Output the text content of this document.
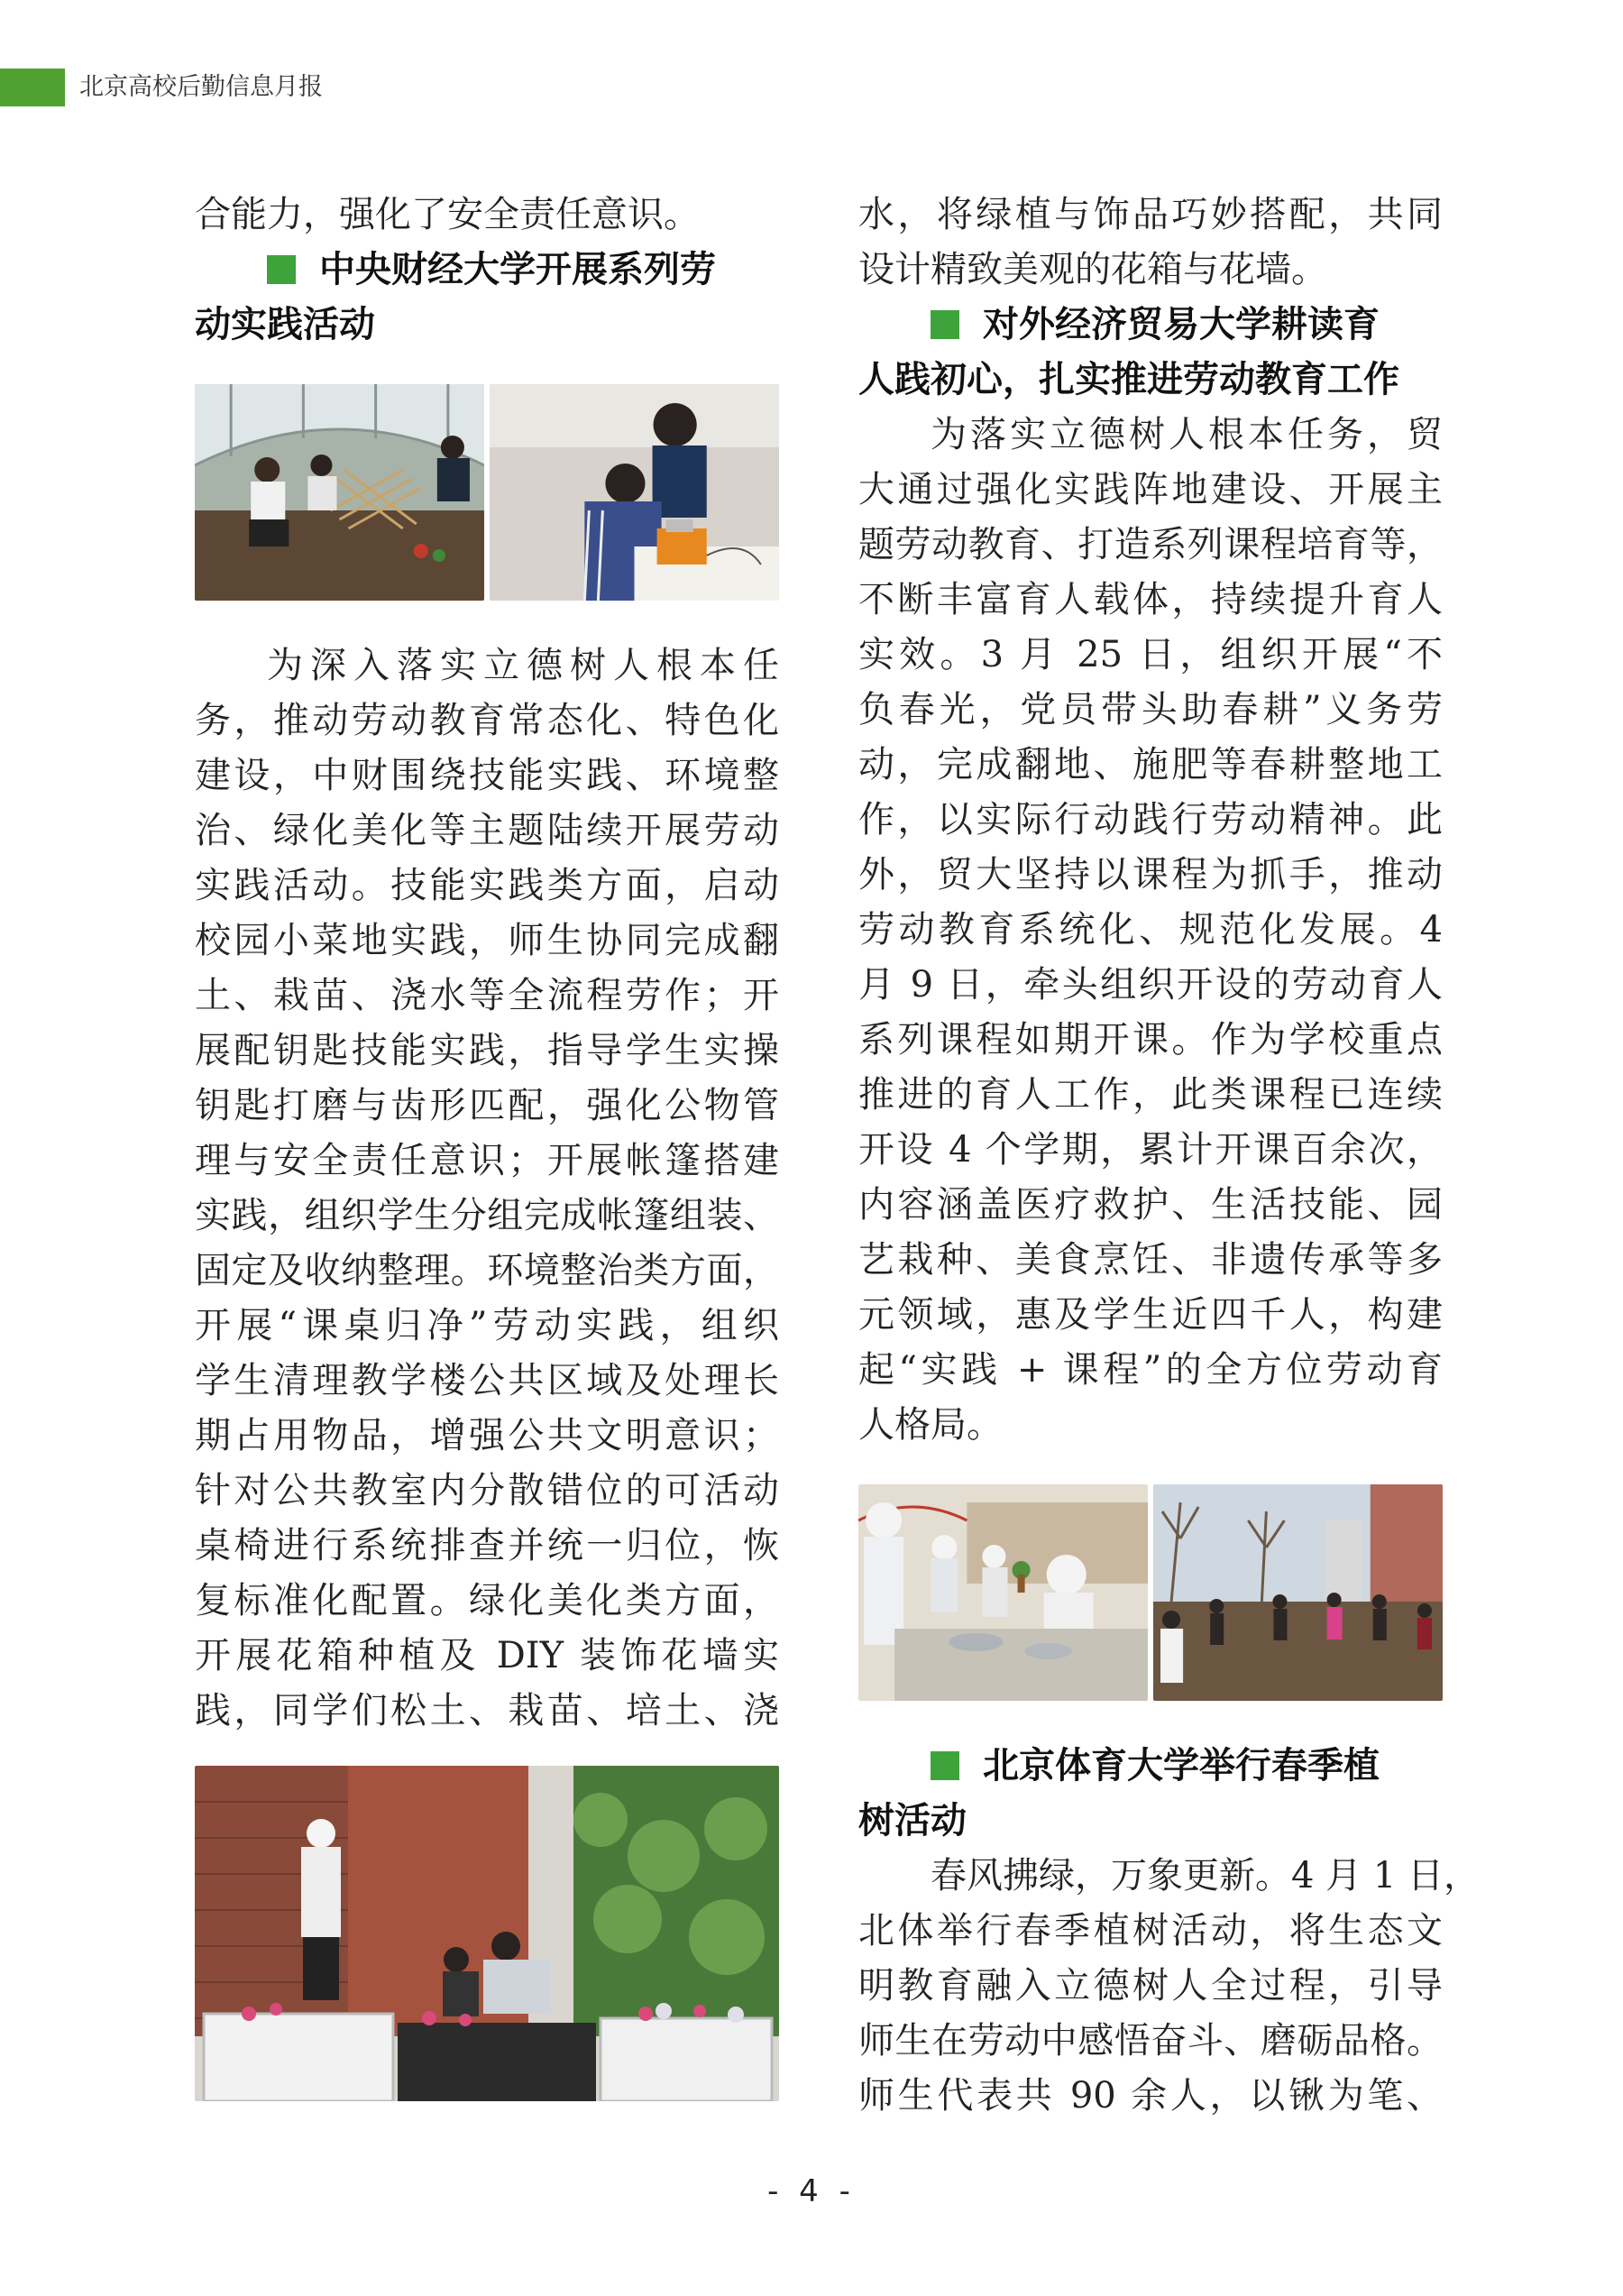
北京高校后勤信息月报
合能力，强化了安全责任意识。
中央财经大学开展系列劳
动实践活动
为深入落实立德树人根本任
务，推动劳动教育常态化、特色化
建设，中财围绕技能实践、环境整
治、绿化美化等主题陆续开展劳动
实践活动。技能实践类方面，启动
校园小菜地实践，师生协同完成翻
土、栽苗、浇水等全流程劳作；开
展配钥匙技能实践，指导学生实操
钥匙打磨与齿形匹配，强化公物管
理与安全责任意识；开展帐篷搭建
实践，组织学生分组完成帐篷组装、
固定及收纳整理。环境整治类方面，
开展“课桌归净”劳动实践，组织
学生清理教学楼公共区域及处理长
期占用物品，增强公共文明意识；
针对公共教室内分散错位的可活动
桌椅进行系统排查并统一归位，恢
复标准化配置。绿化美化类方面，
开展花箱种植及 DIY 装饰花墙实
践，同学们松土、栽苗、培土、浇
水，将绿植与饰品巧妙搭配，共同
设计精致美观的花箱与花墙。
对外经济贸易大学耕读育
人践初心，扎实推进劳动教育工作
为落实立德树人根本任务，贸
大通过强化实践阵地建设、开展主
题劳动教育、打造系列课程培育等，
不断丰富育人载体，持续提升育人
实效。3 月 25 日，组织开展“不
负春光，党员带头助春耕”义务劳
动，完成翻地、施肥等春耕整地工
作，以实际行动践行劳动精神。此
外，贸大坚持以课程为抓手，推动
劳动教育系统化、规范化发展。4
月 9 日，牵头组织开设的劳动育人
系列课程如期开课。作为学校重点
推进的育人工作，此类课程已连续
开设 4 个学期，累计开课百余次，
内容涵盖医疗救护、生活技能、园
艺栽种、美食烹饪、非遗传承等多
元领域，惠及学生近四千人，构建
起“实践 + 课程”的全方位劳动育
人格局。
北京体育大学举行春季植
树活动
春风拂绿，万象更新。4 月 1 日，
北体举行春季植树活动，将生态文
明教育融入立德树人全过程，引导
师生在劳动中感悟奋斗、磨砺品格。
师生代表共 90 余人，以锹为笔、
- 4 -
